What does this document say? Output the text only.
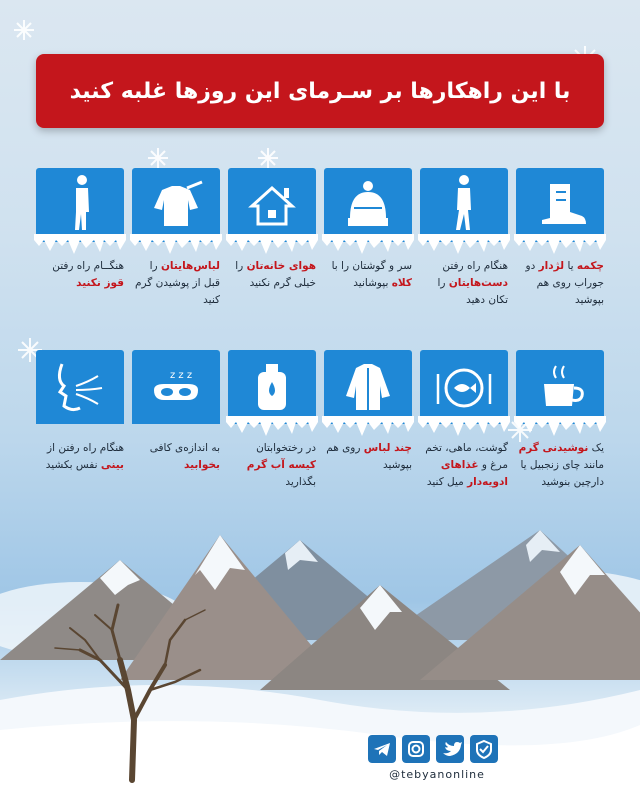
با این راهکارها بر سـرمای این روزها غلبه کنید
هنگــام راه رفتن قوز نکنید
لباس‌هایتان را قبل از پوشیدن گرم کنید
هوای خانه‌تان را خیلی گرم نکنید
سر و گوشتان را با کلاه بپوشانید
هنگام راه رفتن دست‌هایتان را تکان دهید
چکمه یا لژدار دو جوراب روی هم بپوشید
هنگام راه رفتن از بینی نفس بکشید
z z z
به اندازه‌ی کافی بخوابید
در رختخوابتان کیسه آب گرم بگذارید
چند لباس روی هم بپوشید
گوشت، ماهی، تخم مرغ و غذاهای ادویه‌دار میل کنید
یک نوشیدنی گرم مانند چای زنجبیل یا دارچین بنوشید
@tebyanonline
